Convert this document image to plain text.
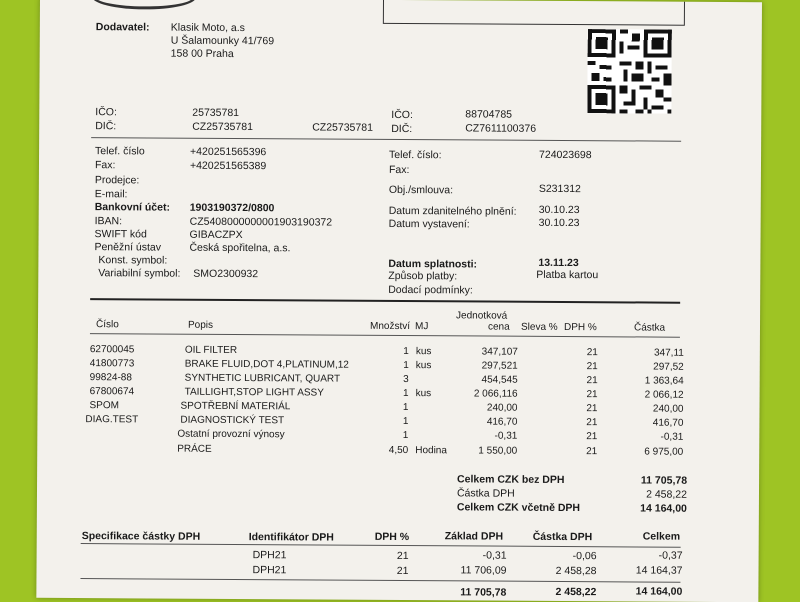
Dodavatel: Klasik Moto, a.s
U Šalamounky 41/769
158 00 Praha
IČO:	25735781
DIČ:	CZ25735781	CZ25735781
IČO:	88704785
DIČ:	CZ7611100376
Telef. číslo	+420251565396
Fax:	+420251565389
Prodejce:
E-mail:
Bankovní účet: 1903190372/0800
IBAN:	CZ5408000000001903190372
SWIFT kód	GIBACZPX
Peněžní ústav	Česká spořitelna, a.s.
Konst. symbol:
Variabilní symbol: SMO2300932
Telef. číslo:	724023698
Fax:
Obj./smlouva:	S231312
Datum zdanitelného plnění: 30.10.23
Datum vystavení:	30.10.23
Datum splatnosti:	13.11.23
Způsob platby:	Platba kartou
Dodací podmínky:
Číslo	Popis	Množství MJ
Jednotková
cena Sleva % DPH %	Částka
62700045	OIL FILTER	1 kus	347,107	21	347,11
41800773	BRAKE FLUID,DOT 4,PLATINUM,12	1 kus	297,521	21	297,52
99824-88	SYNTHETIC LUBRICANT, QUART	3	454,545	21	1 363,64
67800674	TAILLIGHT,STOP LIGHT ASSY	1 kus	2 066,116	21	2 066,12
SPOM	SPOTŘEBNÍ MATERIÁL	1	240,00	21	240,00
DIAG.TEST	DIAGNOSTICKÝ TEST	1	416,70	21	416,70
Ostatní provozní výnosy	1	-0,31	21	-0,31
PRÁCE	4,50 Hodina	1 550,00	21	6 975,00
Celkem CZK bez DPH	11 705,78
Částka DPH	2 458,22
Celkem CZK včetně DPH	14 164,00
Specifikace částky DPH	Identifikátor DPH	DPH %	Základ DPH	Částka DPH	Celkem
DPH21	21	-0,31	-0,06	-0,37
DPH21	21	11 706,09	2 458,28	14 164,37
11 705,78	2 458,22	14 164,00
